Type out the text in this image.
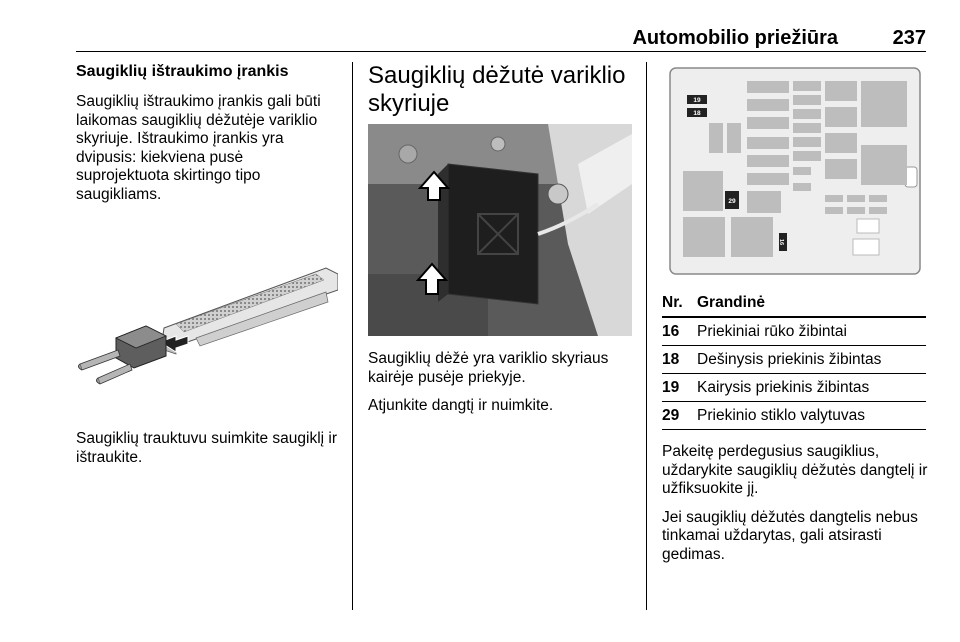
Automobilio priežiūra	237
Saugiklių ištraukimo įrankis
Saugiklių ištraukimo įrankis gali būti laikomas saugiklių dėžutėje variklio skyriuje. Ištraukimo įrankis yra dvipusis: kiekviena pusė suprojektuota skirtingo tipo saugikliams.
Saugiklių trauktuvu suimkite saugiklį ir ištraukite.
Saugiklių dėžutė variklio skyriuje
Saugiklių dėžė yra variklio skyriaus kairėje pusėje priekyje.
Atjunkite dangtį ir nuimkite.
19
18
29
16
Nr. Grandinė
16	Priekiniai rūko žibintai
18	Dešinysis priekinis žibintas
19	Kairysis priekinis žibintas
29	Priekinio stiklo valytuvas
Pakeitę perdegusius saugiklius, uždarykite saugiklių dėžutės dangtelį ir užfiksuokite jį.
Jei saugiklių dėžutės dangtelis nebus tinkamai uždarytas, gali atsirasti gedimas.
